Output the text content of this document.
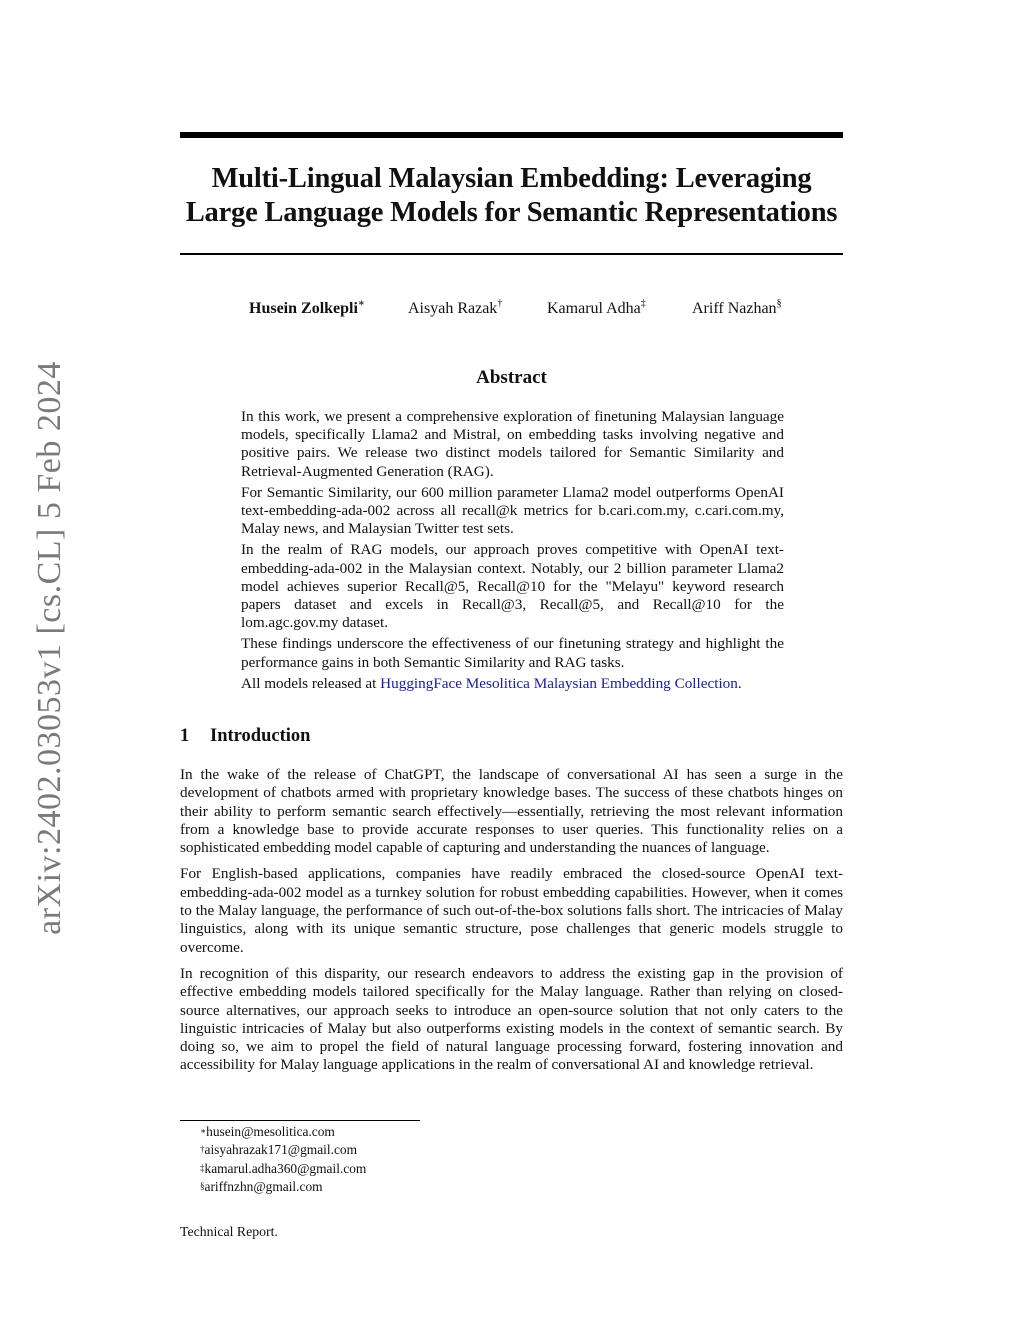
arXiv:2402.03053v1 [cs.CL] 5 Feb 2024
Multi-Lingual Malaysian Embedding: Leveraging
Large Language Models for Semantic Representations
Husein Zolkepli∗	Aisyah Razak†	Kamarul Adha‡	Ariff Nazhan§
Abstract

In this work, we present a comprehensive exploration of finetuning Malaysian language models, specifically Llama2 and Mistral, on embedding tasks involving negative and positive pairs. We release two distinct models tailored for Semantic Similarity and Retrieval-Augmented Generation (RAG).

For Semantic Similarity, our 600 million parameter Llama2 model outperforms OpenAI text-embedding-ada-002 across all recall@k metrics for b.cari.com.my, c.cari.com.my, Malay news, and Malaysian Twitter test sets.

In the realm of RAG models, our approach proves competitive with OpenAI text-embedding-ada-002 in the Malaysian context. Notably, our 2 billion parameter Llama2 model achieves superior Recall@5, Recall@10 for the "Melayu" keyword research papers dataset and excels in Recall@3, Recall@5, and Recall@10 for the lom.agc.gov.my dataset.

These findings underscore the effectiveness of our finetuning strategy and highlight the performance gains in both Semantic Similarity and RAG tasks.

All models released at HuggingFace Mesolitica Malaysian Embedding Collection.

1 Introduction

In the wake of the release of ChatGPT, the landscape of conversational AI has seen a surge in the development of chatbots armed with proprietary knowledge bases. The success of these chatbots hinges on their ability to perform semantic search effectively—essentially, retrieving the most relevant information from a knowledge base to provide accurate responses to user queries. This functionality relies on a sophisticated embedding model capable of capturing and understanding the nuances of language.

For English-based applications, companies have readily embraced the closed-source OpenAI text-embedding-ada-002 model as a turnkey solution for robust embedding capabilities. However, when it comes to the Malay language, the performance of such out-of-the-box solutions falls short. The intricacies of Malay linguistics, along with its unique semantic structure, pose challenges that generic models struggle to overcome.

In recognition of this disparity, our research endeavors to address the existing gap in the provision of effective embedding models tailored specifically for the Malay language. Rather than relying on closed-source alternatives, our approach seeks to introduce an open-source solution that not only caters to the linguistic intricacies of Malay but also outperforms existing models in the context of semantic search. By doing so, we aim to propel the field of natural language processing forward, fostering innovation and accessibility for Malay language applications in the realm of conversational AI and knowledge retrieval.

∗husein@mesolitica.com
†aisyahrazak171@gmail.com
‡kamarul.adha360@gmail.com
§ariffnzhn@gmail.com
Technical Report.
